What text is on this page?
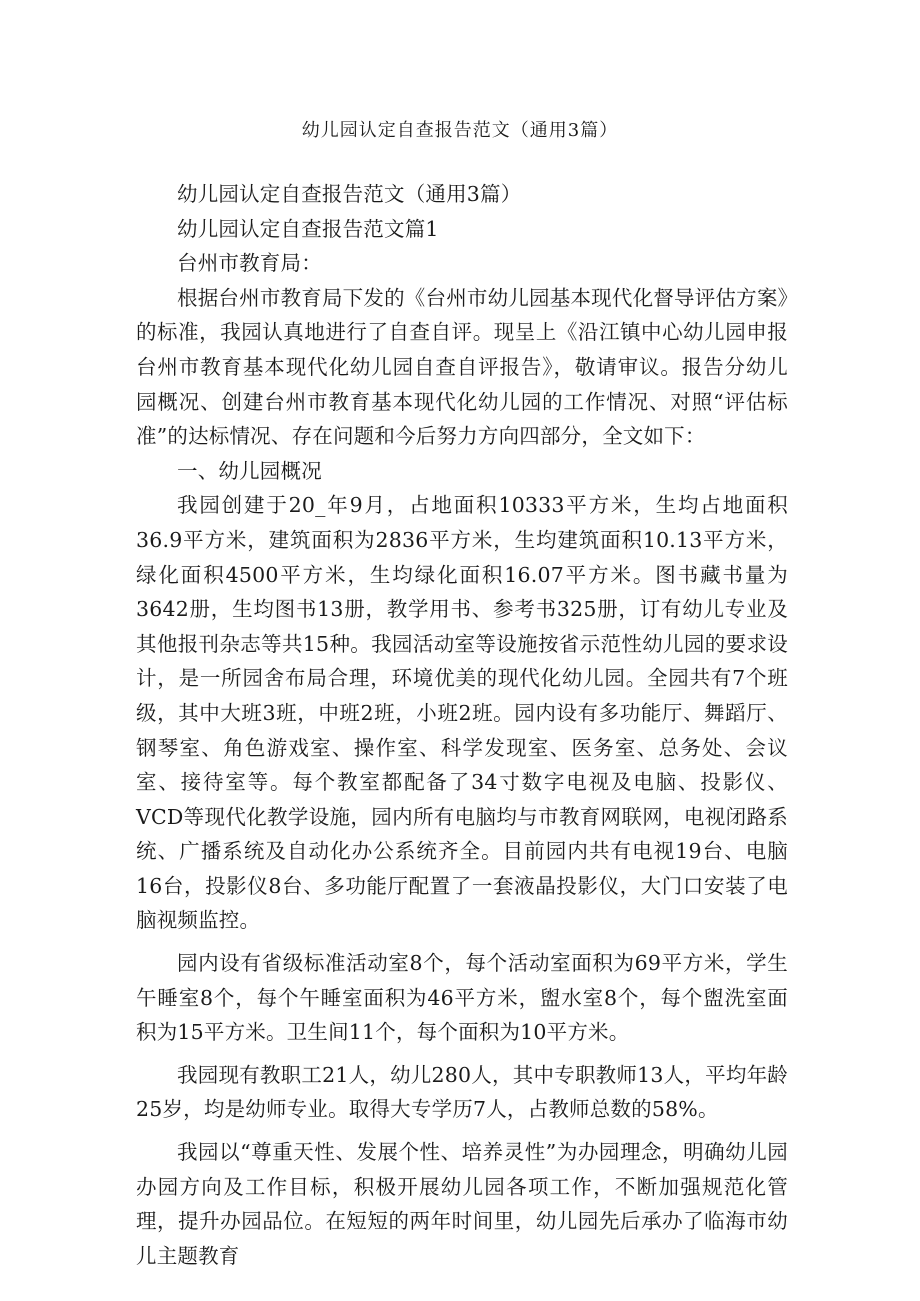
幼儿园认定自查报告范文（通用3篇）

幼儿园认定自查报告范文（通用3篇）

幼儿园认定自查报告范文篇1

台州市教育局：

根据台州市教育局下发的《台州市幼儿园基本现代化督导评估方案》的标准，我园认真地进行了自查自评。现呈上《沿江镇中心幼儿园申报台州市教育基本现代化幼儿园自查自评报告》，敬请审议。报告分幼儿园概况、创建台州市教育基本现代化幼儿园的工作情况、对照“评估标准”的达标情况、存在问题和今后努力方向四部分，全文如下：

一、幼儿园概况

我园创建于20_年9月，占地面积10333平方米，生均占地面积36.9平方米，建筑面积为2836平方米，生均建筑面积10.13平方米，绿化面积4500平方米，生均绿化面积16.07平方米。图书藏书量为3642册，生均图书13册，教学用书、参考书325册，订有幼儿专业及其他报刊杂志等共15种。我园活动室等设施按省示范性幼儿园的要求设计，是一所园舍布局合理，环境优美的现代化幼儿园。全园共有7个班级，其中大班3班，中班2班，小班2班。园内设有多功能厅、舞蹈厅、钢琴室、角色游戏室、操作室、科学发现室、医务室、总务处、会议室、接待室等。每个教室都配备了34寸数字电视及电脑、投影仪、VCD等现代化教学设施，园内所有电脑均与市教育网联网，电视闭路系统、广播系统及自动化办公系统齐全。目前园内共有电视19台、电脑16台，投影仪8台、多功能厅配置了一套液晶投影仪，大门口安装了电脑视频监控。

园内设有省级标准活动室8个，每个活动室面积为69平方米，学生午睡室8个，每个午睡室面积为46平方米，盥水室8个，每个盥洗室面积为15平方米。卫生间11个，每个面积为10平方米。

我园现有教职工21人，幼儿280人，其中专职教师13人，平均年龄25岁，均是幼师专业。取得大专学历7人，占教师总数的58%。

我园以“尊重天性、发展个性、培养灵性”为办园理念，明确幼儿园办园方向及工作目标，积极开展幼儿园各项工作，不断加强规范化管理，提升办园品位。在短短的两年时间里，幼儿园先后承办了临海市幼儿主题教育
